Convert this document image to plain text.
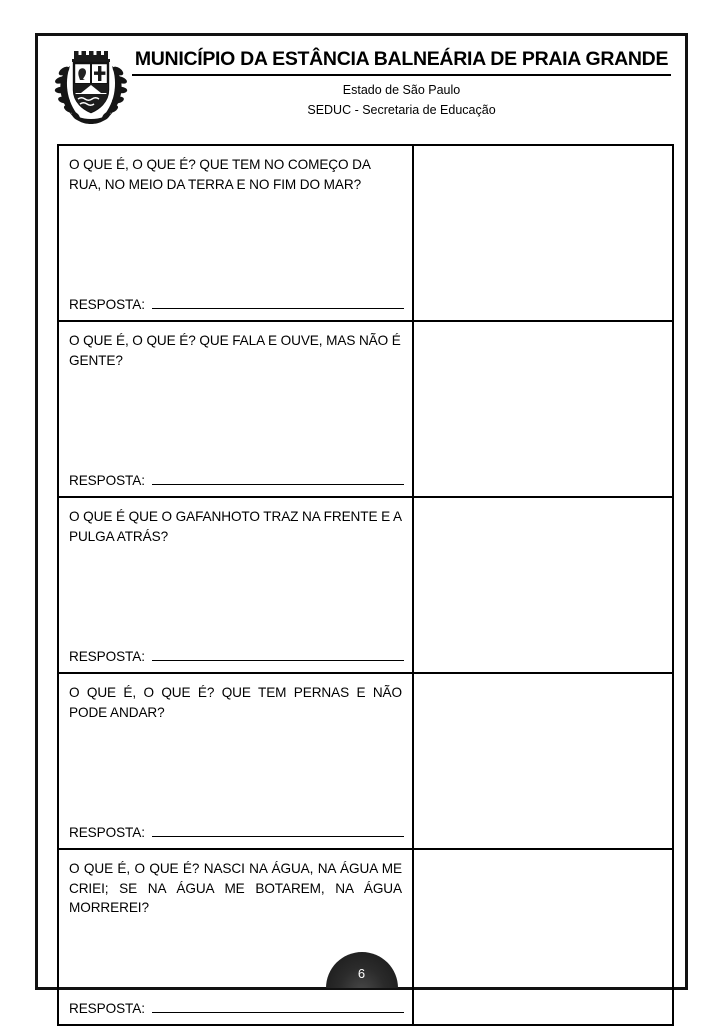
MUNICÍPIO DA ESTÂNCIA BALNEÁRIA DE PRAIA GRANDE
Estado de São Paulo
SEDUC - Secretaria de Educação

O QUE É, O QUE É? QUE TEM NO COMEÇO DA RUA, NO MEIO DA TERRA E NO FIM DO MAR?

RESPOSTA:	

O QUE É, O QUE É? QUE FALA E OUVE, MAS NÃO É GENTE?

RESPOSTA:	

O QUE É QUE O GAFANHOTO TRAZ NA FRENTE E A PULGA ATRÁS?

RESPOSTA:	

O QUE É, O QUE É? QUE TEM PERNAS E NÃO PODE ANDAR?

RESPOSTA:	

O QUE É, O QUE É? NASCI NA ÁGUA, NA ÁGUA ME CRIEI; SE NA ÁGUA ME BOTAREM, NA ÁGUA MORREREI?

RESPOSTA:	

6
